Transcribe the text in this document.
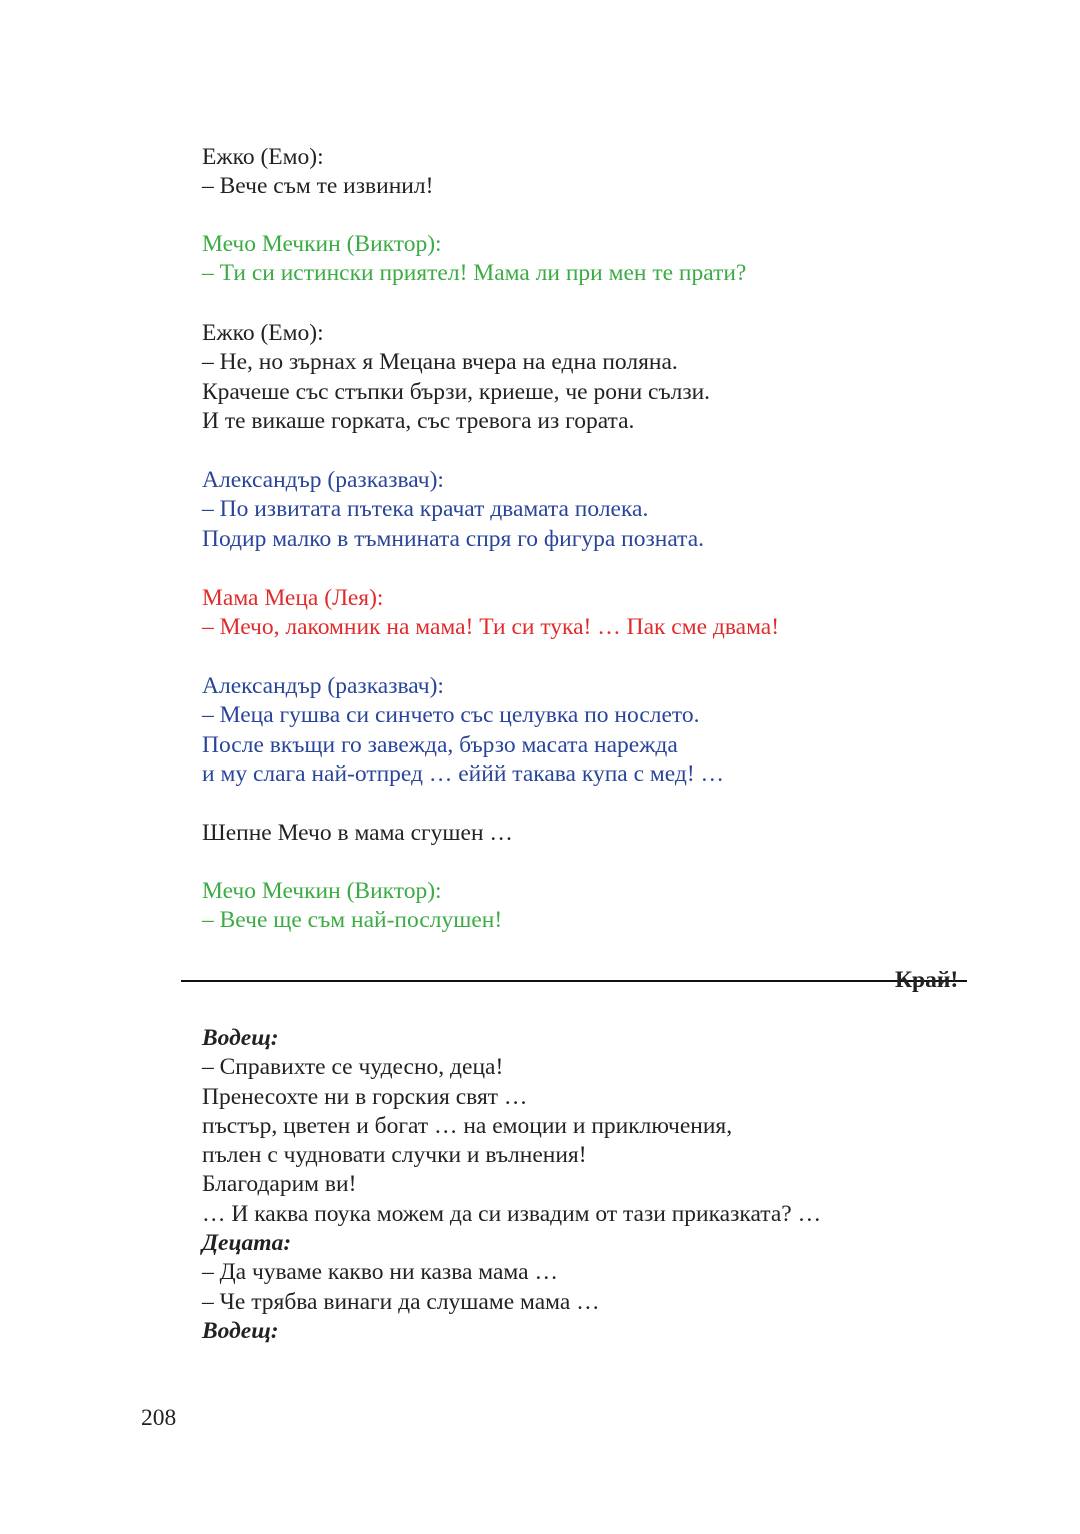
Ежко (Емо):
– Вече съм те извинил!
Мечо Мечкин (Виктор):
– Ти си истински приятел! Мама ли при мен те прати?
Ежко (Емо):
– Не, но зърнах я Мецана вчера на една поляна.
Крачеше със стъпки бързи, криеше, че рони сълзи.
И те викаше горката, със тревога из гората.
Александър (разказвач):
– По извитата пътека крачат двамата полека.
Подир малко в тъмнината спря го фигура позната.
Мама Меца (Лея):
– Мечо, лакомник на мама! Ти си тука! … Пак сме двама!
Александър (разказвач):
– Меца гушва си синчето със целувка по нослето.
После вкъщи го завежда, бързо масата нарежда
и му слага най-отпред … еййй такава купа с мед! …
Шепне Мечо в мама сгушен …
Мечо Мечкин (Виктор):
– Вече ще съм най-послушен!
Край!
Водещ:
– Справихте се чудесно, деца!
Пренесохте ни в горския свят …
пъстър, цветен и богат … на емоции и приключения,
пълен с чудновати случки и вълнения!
Благодарим ви!
… И каква поука можем да си извадим от тази приказката? …
Децата:
– Да чуваме какво ни казва мама …
– Че трябва винаги да слушаме мама …
Водещ:
208
